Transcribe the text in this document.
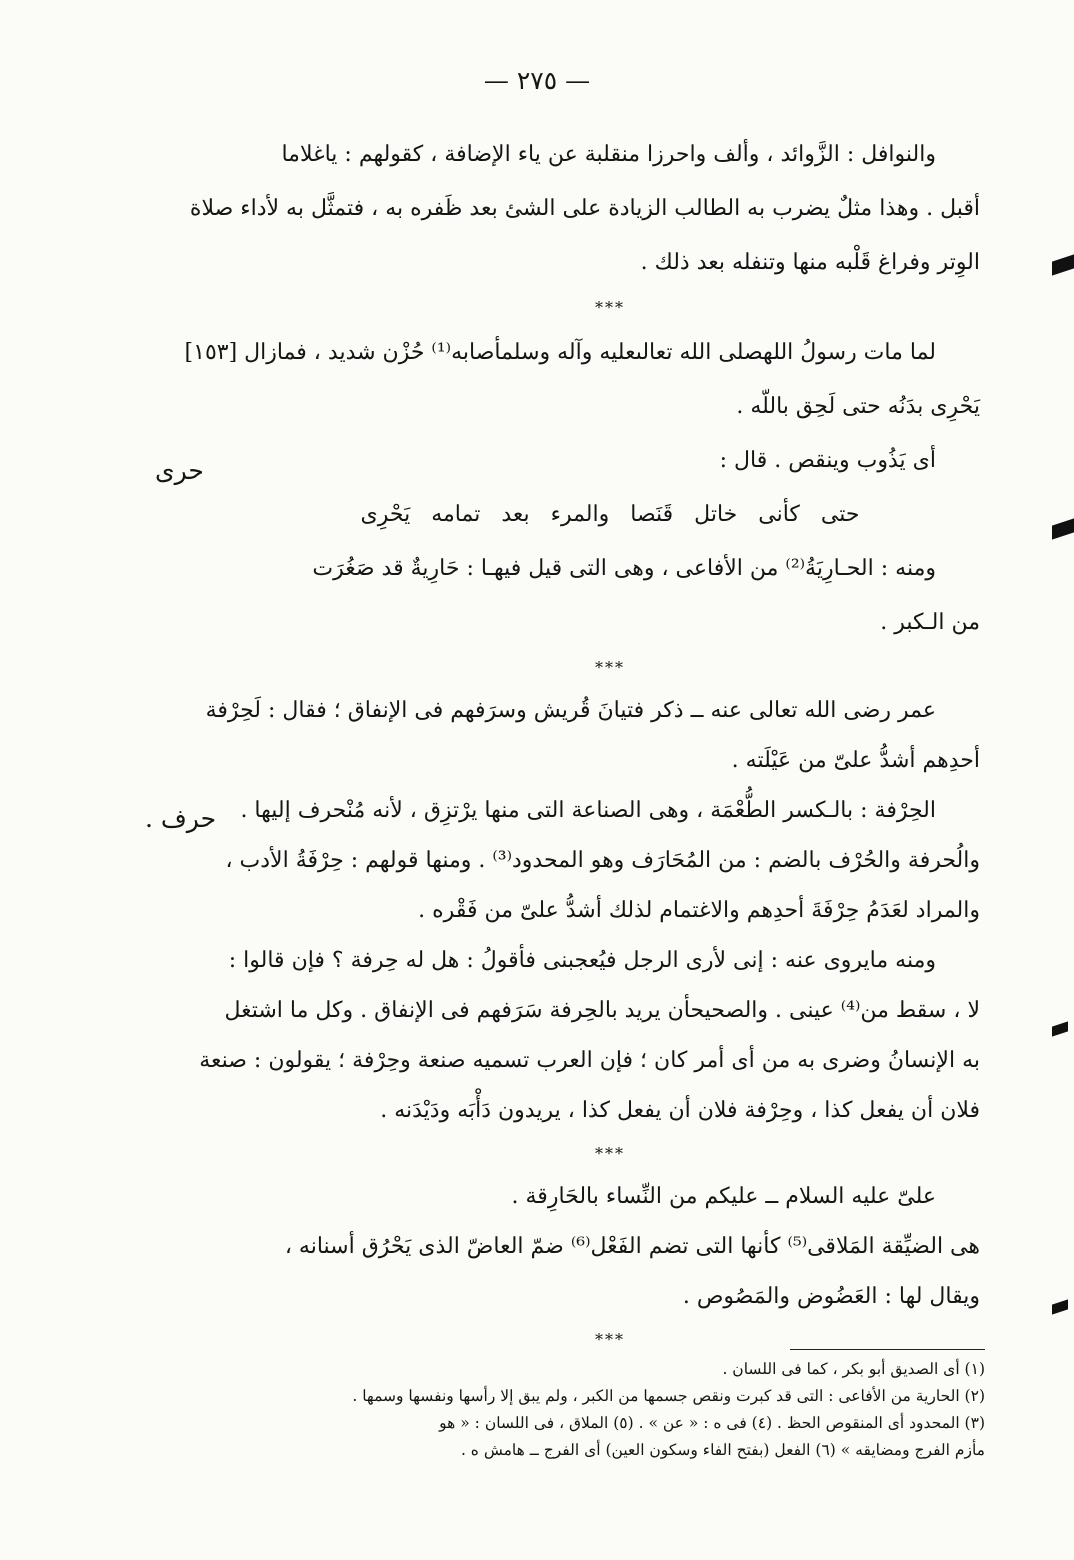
— ٢٧٥ —
والنوافل : الزَّوائد ، وألف واحرزا منقلبة عن ياء الإضافة ، كقولهم : ياغلاما
أقبل . وهذا مثلٌ يضرب به الطالب الزيادة على الشئ بعد ظَفره به ، فتمثَّل به لأداء صلاة
الوِتر وفراغ قَلْبه منها وتنفله بعد ذلك .
***
لما مات رسولُ اللهصلى الله تعالىعليه وآله وسلمأصابه⁽¹⁾ حُزْن شديد ، فمازال [١٥٣]
يَحْرِى بدَنُه حتى لَحِق باللّه .
أى يَذُوب وينقص . قال :
حتى كأنى خاتل قَنَصا والمرء بعد تمامه يَحْرِى
ومنه : الحـارِيَةُ⁽²⁾ من الأفاعى ، وهى التى قيل فيهـا : حَارِيةٌ قد صَغُرَت
من الـكبر .
***
عمر رضى الله تعالى عنه ــ ذكر فتيانَ قُريش وسرَفهم فى الإنفاق ؛ فقال : لَحِرْفة
أحدِهم أشدُّ علىّ من عَيْلَته .
الحِرْفة : بالـكسر الطُّعْمَة ، وهى الصناعة التى منها يرْتزِق ، لأنه مُنْحرف إليها .
والُحرفة والحُرْف بالضم : من المُحَارَف وهو المحدود⁽³⁾ . ومنها قولهم : حِرْفَةُ الأدب ،
والمراد لعَدَمُ حِرْفَةَ أحدِهم والاغتمام لذلك أشدُّ علىّ من فَقْره .
ومنه مايروى عنه : إنى لأرى الرجل فيُعجبنى فأقولُ : هل له حِرفة ؟ فإن قالوا :
لا ، سقط من⁽⁴⁾ عينى . والصحيحأن يريد بالحِرفة سَرَفهم فى الإنفاق . وكل ما اشتغل
به الإنسانُ وضرى به من أى أمر كان ؛ فإن العرب تسميه صنعة وحِرْفة ؛ يقولون : صنعة
فلان أن يفعل كذا ، وحِرْفة فلان أن يفعل كذا ، يريدون دَأْبَه ودَيْدَنه .
***
علىّ عليه السلام ــ عليكم من النِّساء بالحَارِقة .
هى الضيِّقة المَلاقى⁽⁵⁾ كأنها التى تضم الفَعْل⁽⁶⁾ ضمّ العاضّ الذى يَحْرُق أسنانه ،
ويقال لها : العَضُوض والمَصُوص .
***
حرى
حرف .
(١) أى الصديق أبو بكر ، كما فى اللسان .
(٢) الحارية من الأفاعى : التى قد كبرت ونقص جسمها من الكبر ، ولم يبق إلا رأسها ونفسها وسمها .
(٣) المحدود أى المنقوص الحظ . (٤) فى ه : « عن » . (٥) الملاق ، فى اللسان : « هو
مأزم الفرج ومضايقه » (٦) الفعل (بفتح الفاء وسكون العين) أى الفرج ــ هامش ه .
